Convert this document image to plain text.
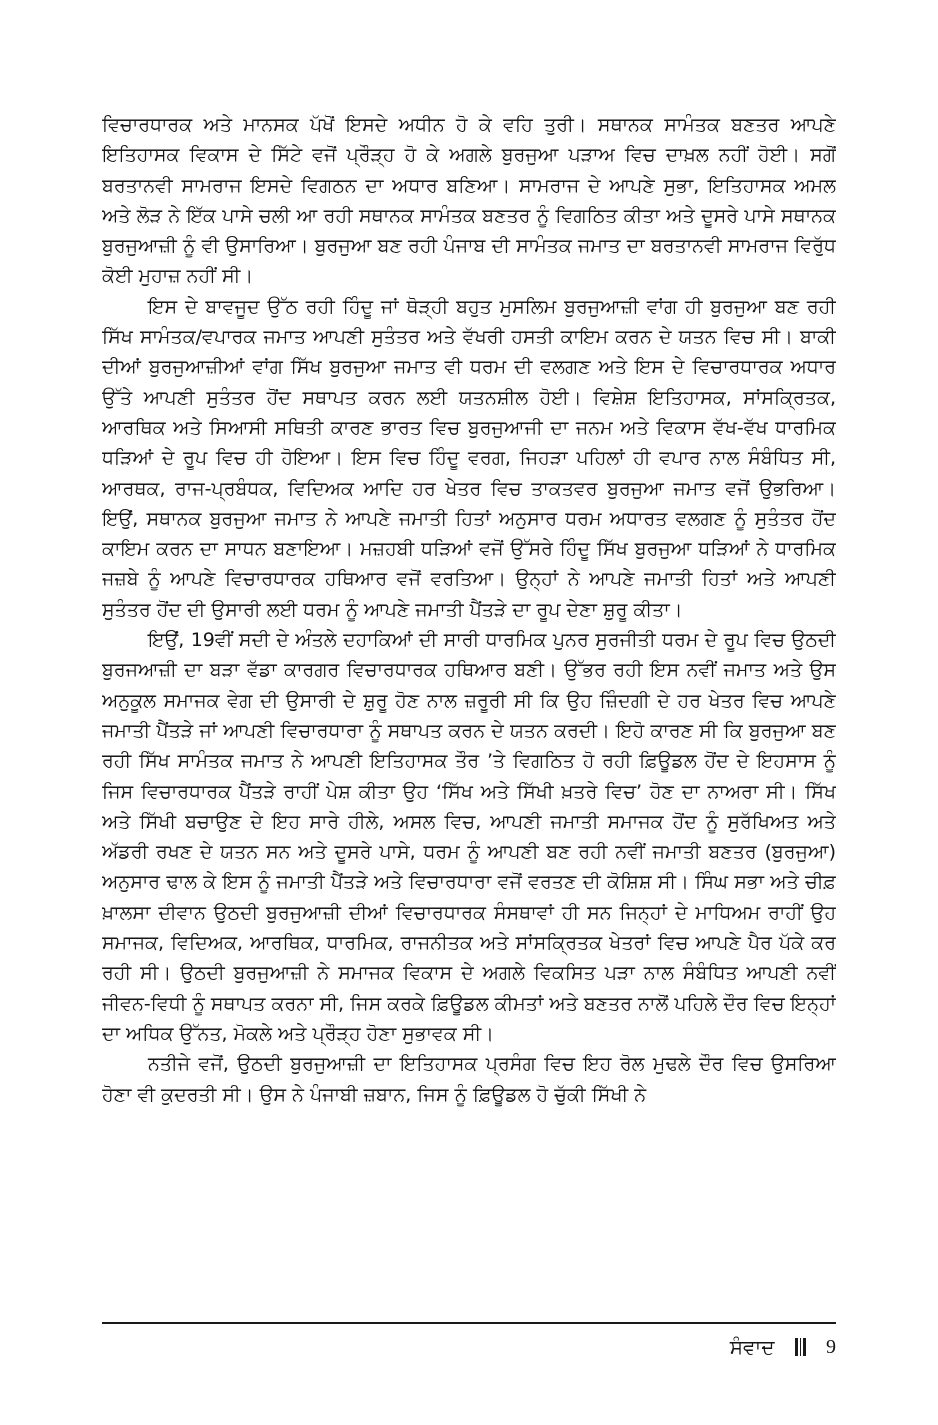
ਵਿਚਾਰਧਾਰਕ ਅਤੇ ਮਾਨਸਕ ਪੱਖੋਂ ਇਸਦੇ ਅਧੀਨ ਹੋ ਕੇ ਵਹਿ ਤੁਰੀ। ਸਥਾਨਕ ਸਾਮੰਤਕ ਬਣਤਰ ਆਪਣੇ ਇਤਿਹਾਸਕ ਵਿਕਾਸ ਦੇ ਸਿੱਟੇ ਵਜੋਂ ਪ੍ਰੌੜ੍ਹ ਹੋ ਕੇ ਅਗਲੇ ਬੁਰਜੁਆ ਪੜਾਅ ਵਿਚ ਦਾਖ਼ਲ ਨਹੀਂ ਹੋਈ। ਸਗੋਂ ਬਰਤਾਨਵੀ ਸਾਮਰਾਜ ਇਸਦੇ ਵਿਗਠਨ ਦਾ ਅਧਾਰ ਬਣਿਆ। ਸਾਮਰਾਜ ਦੇ ਆਪਣੇ ਸੁਭਾ, ਇਤਿਹਾਸਕ ਅਮਲ ਅਤੇ ਲੋੜ ਨੇ ਇੱਕ ਪਾਸੇ ਚਲੀ ਆ ਰਹੀ ਸਥਾਨਕ ਸਾਮੰਤਕ ਬਣਤਰ ਨੂੰ ਵਿਗਠਿਤ ਕੀਤਾ ਅਤੇ ਦੂਸਰੇ ਪਾਸੇ ਸਥਾਨਕ ਬੁਰਜੁਆਜ਼ੀ ਨੂੰ ਵੀ ਉਸਾਰਿਆ। ਬੁਰਜੁਆ ਬਣ ਰਹੀ ਪੰਜਾਬ ਦੀ ਸਾਮੰਤਕ ਜਮਾਤ ਦਾ ਬਰਤਾਨਵੀ ਸਾਮਰਾਜ ਵਿਰੁੱਧ ਕੋਈ ਮੁਹਾਜ਼ ਨਹੀਂ ਸੀ।

ਇਸ ਦੇ ਬਾਵਜੂਦ ਉੱਠ ਰਹੀ ਹਿੰਦੂ ਜਾਂ ਥੋੜ੍ਹੀ ਬਹੁਤ ਮੁਸਲਿਮ ਬੁਰਜੁਆਜ਼ੀ ਵਾਂਗ ਹੀ ਬੁਰਜੁਆ ਬਣ ਰਹੀ ਸਿੱਖ ਸਾਮੰਤਕ/ਵਪਾਰਕ ਜਮਾਤ ਆਪਣੀ ਸੁਤੰਤਰ ਅਤੇ ਵੱਖਰੀ ਹਸਤੀ ਕਾਇਮ ਕਰਨ ਦੇ ਯਤਨ ਵਿਚ ਸੀ। ਬਾਕੀ ਦੀਆਂ ਬੁਰਜੁਆਜ਼ੀਆਂ ਵਾਂਗ ਸਿੱਖ ਬੁਰਜੁਆ ਜਮਾਤ ਵੀ ਧਰਮ ਦੀ ਵਲਗਣ ਅਤੇ ਇਸ ਦੇ ਵਿਚਾਰਧਾਰਕ ਅਧਾਰ ਉੱਤੇ ਆਪਣੀ ਸੁਤੰਤਰ ਹੋਂਦ ਸਥਾਪਤ ਕਰਨ ਲਈ ਯਤਨਸ਼ੀਲ ਹੋਈ। ਵਿਸ਼ੇਸ਼ ਇਤਿਹਾਸਕ, ਸਾਂਸਕ੍ਰਿਤਕ, ਆਰਥਿਕ ਅਤੇ ਸਿਆਸੀ ਸਥਿਤੀ ਕਾਰਣ ਭਾਰਤ ਵਿਚ ਬੁਰਜੁਆਜੀ ਦਾ ਜਨਮ ਅਤੇ ਵਿਕਾਸ ਵੱਖ-ਵੱਖ ਧਾਰਮਿਕ ਧੜਿਆਂ ਦੇ ਰੂਪ ਵਿਚ ਹੀ ਹੋਇਆ। ਇਸ ਵਿਚ ਹਿੰਦੂ ਵਰਗ, ਜਿਹੜਾ ਪਹਿਲਾਂ ਹੀ ਵਪਾਰ ਨਾਲ ਸੰਬੰਧਿਤ ਸੀ, ਆਰਥਕ, ਰਾਜ-ਪ੍ਰਬੰਧਕ, ਵਿਦਿਅਕ ਆਦਿ ਹਰ ਖੇਤਰ ਵਿਚ ਤਾਕਤਵਰ ਬੁਰਜੁਆ ਜਮਾਤ ਵਜੋਂ ਉਭਰਿਆ। ਇਉਂ, ਸਥਾਨਕ ਬੁਰਜੁਆ ਜਮਾਤ ਨੇ ਆਪਣੇ ਜਮਾਤੀ ਹਿਤਾਂ ਅਨੁਸਾਰ ਧਰਮ ਅਧਾਰਤ ਵਲਗਣ ਨੂੰ ਸੁਤੰਤਰ ਹੋਂਦ ਕਾਇਮ ਕਰਨ ਦਾ ਸਾਧਨ ਬਣਾਇਆ। ਮਜ਼ਹਬੀ ਧੜਿਆਂ ਵਜੋਂ ਉੱਸਰੇ ਹਿੰਦੂ ਸਿੱਖ ਬੁਰਜੁਆ ਧੜਿਆਂ ਨੇ ਧਾਰਮਿਕ ਜਜ਼ਬੇ ਨੂੰ ਆਪਣੇ ਵਿਚਾਰਧਾਰਕ ਹਥਿਆਰ ਵਜੋਂ ਵਰਤਿਆ। ਉਨ੍ਹਾਂ ਨੇ ਆਪਣੇ ਜਮਾਤੀ ਹਿਤਾਂ ਅਤੇ ਆਪਣੀ ਸੁਤੰਤਰ ਹੋਂਦ ਦੀ ਉਸਾਰੀ ਲਈ ਧਰਮ ਨੂੰ ਆਪਣੇ ਜਮਾਤੀ ਪੈਂਤੜੇ ਦਾ ਰੂਪ ਦੇਣਾ ਸ਼ੁਰੂ ਕੀਤਾ।

ਇਉਂ, 19ਵੀਂ ਸਦੀ ਦੇ ਅੰਤਲੇ ਦਹਾਕਿਆਂ ਦੀ ਸਾਰੀ ਧਾਰਮਿਕ ਪੁਨਰ ਸੁਰਜੀਤੀ ਧਰਮ ਦੇ ਰੂਪ ਵਿਚ ਉਠਦੀ ਬੁਰਜਆਜ਼ੀ ਦਾ ਬੜਾ ਵੱਡਾ ਕਾਰਗਰ ਵਿਚਾਰਧਾਰਕ ਹਥਿਆਰ ਬਣੀ। ਉੱਭਰ ਰਹੀ ਇਸ ਨਵੀਂ ਜਮਾਤ ਅਤੇ ਉਸ ਅਨੁਕੂਲ ਸਮਾਜਕ ਵੇਗ ਦੀ ਉਸਾਰੀ ਦੇ ਸ਼ੁਰੂ ਹੋਣ ਨਾਲ ਜ਼ਰੂਰੀ ਸੀ ਕਿ ਉਹ ਜ਼ਿੰਦਗੀ ਦੇ ਹਰ ਖੇਤਰ ਵਿਚ ਆਪਣੇ ਜਮਾਤੀ ਪੈਂਤੜੇ ਜਾਂ ਆਪਣੀ ਵਿਚਾਰਧਾਰਾ ਨੂੰ ਸਥਾਪਤ ਕਰਨ ਦੇ ਯਤਨ ਕਰਦੀ। ਇਹੋ ਕਾਰਣ ਸੀ ਕਿ ਬੁਰਜੁਆ ਬਣ ਰਹੀ ਸਿੱਖ ਸਾਮੰਤਕ ਜਮਾਤ ਨੇ ਆਪਣੀ ਇਤਿਹਾਸਕ ਤੌਰ ’ਤੇ ਵਿਗਠਿਤ ਹੋ ਰਹੀ ਫ਼ਿਊਡਲ ਹੋਂਦ ਦੇ ਇਹਸਾਸ ਨੂੰ ਜਿਸ ਵਿਚਾਰਧਾਰਕ ਪੈਂਤੜੇ ਰਾਹੀਂ ਪੇਸ਼ ਕੀਤਾ ਉਹ ‘ਸਿੱਖ ਅਤੇ ਸਿੱਖੀ ਖ਼ਤਰੇ ਵਿਚ’ ਹੋਣ ਦਾ ਨਾਅਰਾ ਸੀ। ਸਿੱਖ ਅਤੇ ਸਿੱਖੀ ਬਚਾਉਣ ਦੇ ਇਹ ਸਾਰੇ ਹੀਲੇ, ਅਸਲ ਵਿਚ, ਆਪਣੀ ਜਮਾਤੀ ਸਮਾਜਕ ਹੋਂਦ ਨੂੰ ਸੁਰੱਖਿਅਤ ਅਤੇ ਅੱਡਰੀ ਰਖਣ ਦੇ ਯਤਨ ਸਨ ਅਤੇ ਦੂਸਰੇ ਪਾਸੇ, ਧਰਮ ਨੂੰ ਆਪਣੀ ਬਣ ਰਹੀ ਨਵੀਂ ਜਮਾਤੀ ਬਣਤਰ (ਬੁਰਜੁਆ) ਅਨੁਸਾਰ ਢਾਲ ਕੇ ਇਸ ਨੂੰ ਜਮਾਤੀ ਪੈਂਤੜੇ ਅਤੇ ਵਿਚਾਰਧਾਰਾ ਵਜੋਂ ਵਰਤਣ ਦੀ ਕੋਸ਼ਿਸ਼ ਸੀ। ਸਿੰਘ ਸਭਾ ਅਤੇ ਚੀਫ਼ ਖ਼ਾਲਸਾ ਦੀਵਾਨ ਉਠਦੀ ਬੁਰਜੁਆਜ਼ੀ ਦੀਆਂ ਵਿਚਾਰਧਾਰਕ ਸੰਸਥਾਵਾਂ ਹੀ ਸਨ ਜਿਨ੍ਹਾਂ ਦੇ ਮਾਧਿਅਮ ਰਾਹੀਂ ਉਹ ਸਮਾਜਕ, ਵਿਦਿਅਕ, ਆਰਥਿਕ, ਧਾਰਮਿਕ, ਰਾਜਨੀਤਕ ਅਤੇ ਸਾਂਸਕ੍ਰਿਤਕ ਖੇਤਰਾਂ ਵਿਚ ਆਪਣੇ ਪੈਰ ਪੱਕੇ ਕਰ ਰਹੀ ਸੀ। ਉਠਦੀ ਬੁਰਜੁਆਜ਼ੀ ਨੇ ਸਮਾਜਕ ਵਿਕਾਸ ਦੇ ਅਗਲੇ ਵਿਕਸਿਤ ਪੜਾ ਨਾਲ ਸੰਬੰਧਿਤ ਆਪਣੀ ਨਵੀਂ ਜੀਵਨ-ਵਿਧੀ ਨੂੰ ਸਥਾਪਤ ਕਰਨਾ ਸੀ, ਜਿਸ ਕਰਕੇ ਫ਼ਿਊਡਲ ਕੀਮਤਾਂ ਅਤੇ ਬਣਤਰ ਨਾਲੋਂ ਪਹਿਲੇ ਦੌਰ ਵਿਚ ਇਨ੍ਹਾਂ ਦਾ ਅਧਿਕ ਉੱਨਤ, ਮੋਕਲੇ ਅਤੇ ਪ੍ਰੌੜ੍ਹ ਹੋਣਾ ਸੁਭਾਵਕ ਸੀ।

ਨਤੀਜੇ ਵਜੋਂ, ਉਠਦੀ ਬੁਰਜੁਆਜ਼ੀ ਦਾ ਇਤਿਹਾਸਕ ਪ੍ਰਸੰਗ ਵਿਚ ਇਹ ਰੋਲ ਮੁਢਲੇ ਦੌਰ ਵਿਚ ਉਸਰਿਆ ਹੋਣਾ ਵੀ ਕੁਦਰਤੀ ਸੀ। ਉਸ ਨੇ ਪੰਜਾਬੀ ਜ਼ਬਾਨ, ਜਿਸ ਨੂੰ ਫ਼ਿਊਡਲ ਹੋ ਚੁੱਕੀ ਸਿੱਖੀ ਨੇ

ਸੰਵਾਦ	9
